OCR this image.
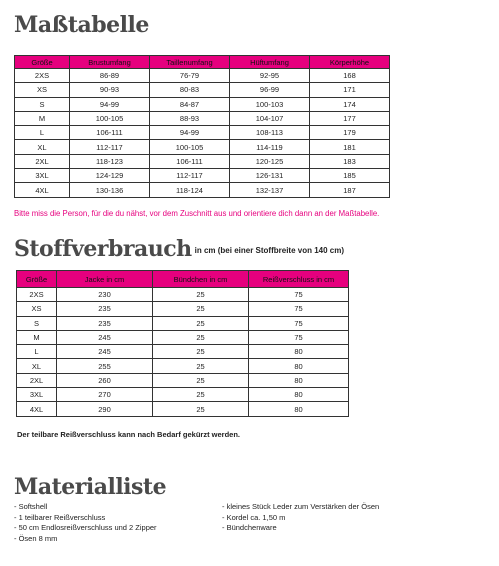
Maßtabelle
Größe	Brustumfang	Taillenumfang	Hüftumfang	Körperhöhe
2XS	86-89	76-79	92-95	168
XS	90-93	80-83	96-99	171
S	94-99	84-87	100-103	174
M	100-105	88-93	104-107	177
L	106-111	94-99	108-113	179
XL	112-117	100-105	114-119	181
2XL	118-123	106-111	120-125	183
3XL	124-129	112-117	126-131	185
4XL	130-136	118-124	132-137	187
Bitte miss die Person, für die du nähst, vor dem Zuschnitt aus und orientiere dich dann an der Maßtabelle.
Stoffverbrauch in cm (bei einer Stoffbreite von 140 cm)
Größe	Jacke in cm	Bündchen in cm	Reißverschluss in cm
2XS	230	25	75
XS	235	25	75
S	235	25	75
M	245	25	75
L	245	25	80
XL	255	25	80
2XL	260	25	80
3XL	270	25	80
4XL	290	25	80
Der teilbare Reißverschluss kann nach Bedarf gekürzt werden.
Materialliste
- Softshell
- 1 teilbarer Reißverschluss
- 50 cm Endlosreißverschluss und 2 Zipper
- Ösen 8 mm
- kleines Stück Leder zum Verstärken der Ösen
- Kordel ca. 1,50 m
- Bündchenware
